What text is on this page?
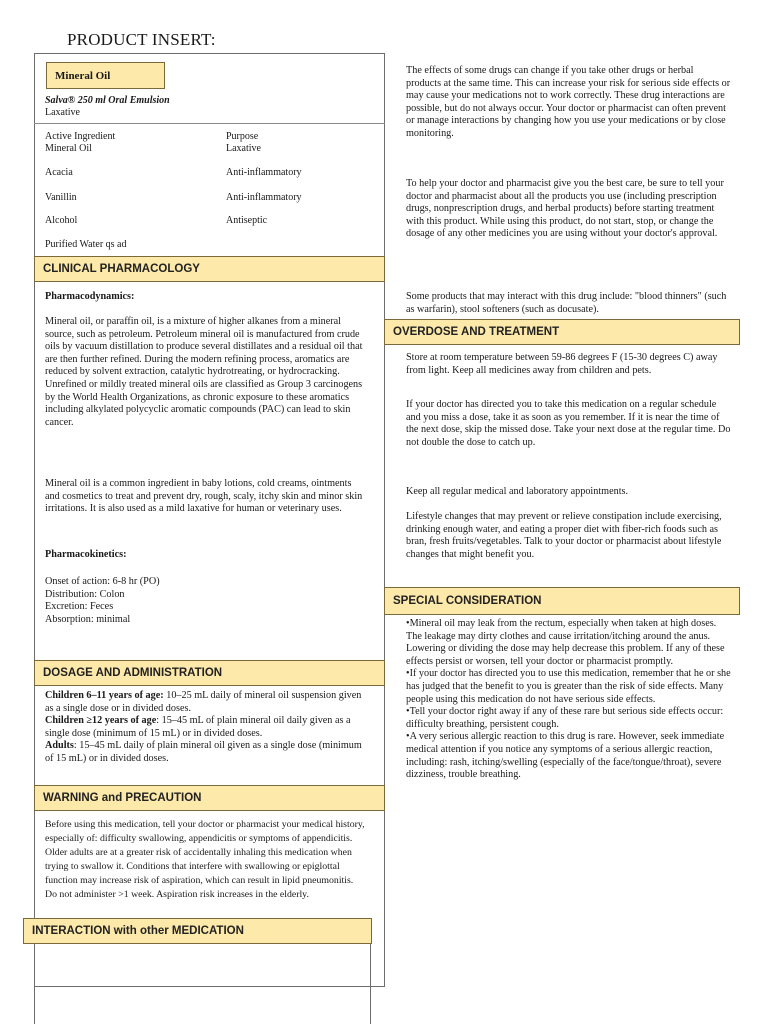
PRODUCT INSERT:
Mineral Oil
Salva® 250 ml Oral Emulsion
Laxative
Active Ingredient	Purpose
Mineral Oil	Laxative
Acacia	Anti-inflammatory
Vanillin	Anti-inflammatory
Alcohol	Antiseptic
Purified Water qs ad
CLINICAL PHARMACOLOGY
Pharmacodynamics:

Mineral oil, or paraffin oil, is a mixture of higher alkanes from a mineral source, such as petroleum. Petroleum mineral oil is manufactured from crude oils by vacuum distillation to produce several distillates and a residual oil that are then further refined. During the modern refining process, aromatics are reduced by solvent extraction, catalytic hydrotreating, or hydrocracking. Unrefined or mildly treated mineral oils are classified as Group 3 carcinogens by the World Health Organizations, as chronic exposure to these aromatics including alkylated polycyclic aromatic compounds (PAC) can lead to skin cancer.

Mineral oil is a common ingredient in baby lotions, cold creams, ointments and cosmetics to treat and prevent dry, rough, scaly, itchy skin and minor skin irritations. It is also used as a mild laxative for human or veterinary uses.

Pharmacokinetics:
Onset of action: 6-8 hr (PO)
Distribution: Colon
Excretion: Feces
Absorption: minimal
DOSAGE AND ADMINISTRATION
Children 6–11 years of age: 10–25 mL daily of mineral oil suspension given as a single dose or in divided doses.
Children ≥12 years of age: 15–45 mL of plain mineral oil daily given as a single dose (minimum of 15 mL) or in divided doses.
Adults: 15–45 mL daily of plain mineral oil given as a single dose (minimum of 15 mL) or in divided doses.
WARNING and PRECAUTION

Before using this medication, tell your doctor or pharmacist your medical history, especially of: difficulty swallowing, appendicitis or symptoms of appendicitis. Older adults are at a greater risk of accidentally inhaling this medication when trying to swallow it. Conditions that interfere with swallowing or epiglottal function may increase risk of aspiration, which can result in lipid pneumonitis. Do not administer >1 week. Aspiration risk increases in the elderly.

INTERACTION with other MEDICATION

The effects of some drugs can change if you take other drugs or herbal products at the same time. This can increase your risk for serious side effects or may cause your medications not to work correctly. These drug interactions are possible, but do not always occur. Your doctor or pharmacist can often prevent or manage interactions by changing how you use your medications or by close monitoring.

To help your doctor and pharmacist give you the best care, be sure to tell your doctor and pharmacist about all the products you use (including prescription drugs, nonprescription drugs, and herbal products) before starting treatment with this product. While using this product, do not start, stop, or change the dosage of any other medicines you are using without your doctor's approval.

Some products that may interact with this drug include: "blood thinners" (such as warfarin), stool softeners (such as docusate).

OVERDOSE AND TREATMENT

Store at room temperature between 59-86 degrees F (15-30 degrees C) away from light. Keep all medicines away from children and pets.

If your doctor has directed you to take this medication on a regular schedule and you miss a dose, take it as soon as you remember. If it is near the time of the next dose, skip the missed dose. Take your next dose at the regular time. Do not double the dose to catch up.

Keep all regular medical and laboratory appointments.

Lifestyle changes that may prevent or relieve constipation include exercising, drinking enough water, and eating a proper diet with fiber-rich foods such as bran, fresh fruits/vegetables. Talk to your doctor or pharmacist about lifestyle changes that might benefit you.

SPECIAL CONSIDERATION

•Mineral oil may leak from the rectum, especially when taken at high doses. The leakage may dirty clothes and cause irritation/itching around the anus. Lowering or dividing the dose may help decrease this problem. If any of these effects persist or worsen, tell your doctor or pharmacist promptly.

•If your doctor has directed you to use this medication, remember that he or she has judged that the benefit to you is greater than the risk of side effects. Many people using this medication do not have serious side effects.

•Tell your doctor right away if any of these rare but serious side effects occur: difficulty breathing, persistent cough.

•A very serious allergic reaction to this drug is rare. However, seek immediate medical attention if you notice any symptoms of a serious allergic reaction, including: rash, itching/swelling (especially of the face/tongue/throat), severe dizziness, trouble breathing.
